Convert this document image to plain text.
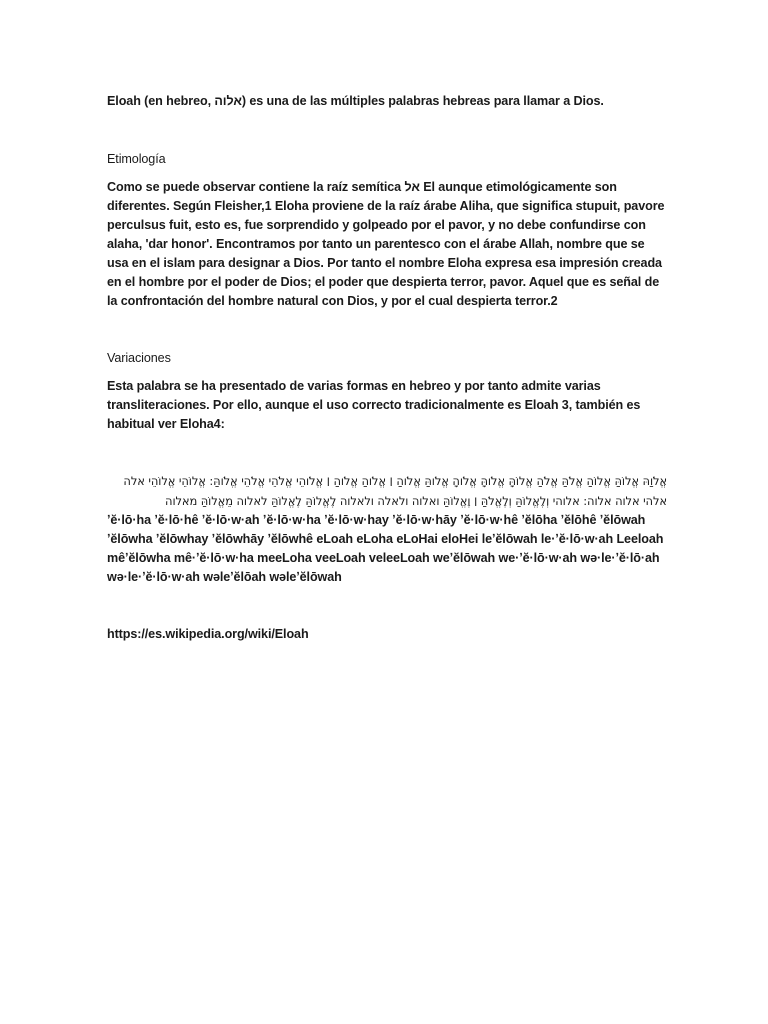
Eloah (en hebreo, אלוה) es una de las múltiples palabras hebreas para llamar a Dios.

Etimología

Como se puede observar contiene la raíz semítica אל El aunque etimológicamente son diferentes. Según Fleisher,1 Eloha proviene de la raíz árabe Aliha, que significa stupuit, pavore perculsus fuit, esto es, fue sorprendido y golpeado por el pavor, y no debe confundirse con alaha, 'dar honor'. Encontramos por tanto un parentesco con el árabe Allah, nombre que se usa en el islam para designar a Dios. Por tanto el nombre Eloha expresa esa impresión creada en el hombre por el poder de Dios; el poder que despierta terror, pavor. Aquel que es señal de la confrontación del hombre natural con Dios, y por el cual despierta terror.2

Variaciones

Esta palabra se ha presentado de varias formas en hebreo y por tanto admite varias transliteraciones. Por ello, aunque el uso correcto tradicionalmente es Eloah 3, también es habitual ver Eloha4:

אֱלֹוַהּ אֱלוֹהַּ אֱלוֹהַ אֱלֹהַּ אֱלֹהַ אֱלוֹהָּ אֱלֹוהָּ אֱלֹוהָ אֱלֹוהַּ אֱלֹוהַ ׀ אֱלֹוהַ אֱלֹוהַ ׀ אֱלֹוהֵי אֱלֹהֵי אֱלֹהֵי אֱלֹוהַּ: אֱלוֹהֵי אֱלוֹהֵי אלה אלהי אלוה אלוה: אלוהי וְלֶאֱלוֹהַּ וְלֶאֱלֹהַּ ׀ וֶאֱלוֹהַּ ואלוה ולאלה ולאלוה לֶאֱלוֹהַּ לֶאֱלוֹהַּ לאלוה מֵאֱלוֹהַּ מאלוה

ʼĕ·lō·ha ʼĕ·lō·hê ʼĕ·lō·w·ah ʼĕ·lō·w·ha ʼĕ·lō·w·hay ʼĕ·lō·w·hāy ʼĕ·lō·w·hê ʼĕlōha ʼĕlōhê ʼĕlōwah ʼĕlōwha ʼĕlōwhay ʼĕlōwhāy ʼĕlōwhê eLoah eLoha eLoHai eloHei leʼĕlōwah le·ʼĕ·lō·w·ah Leeloah mêʼĕlōwha mê·ʼĕ·lō·w·ha meeLoha veeLoah veleeLoah weʼĕlōwah we·ʼĕ·lō·w·ah wə·le·ʼĕ·lō·ah wə·le·ʼĕ·lō·w·ah wəleʼĕlōah wəleʼĕlōwah

https://es.wikipedia.org/wiki/Eloah
